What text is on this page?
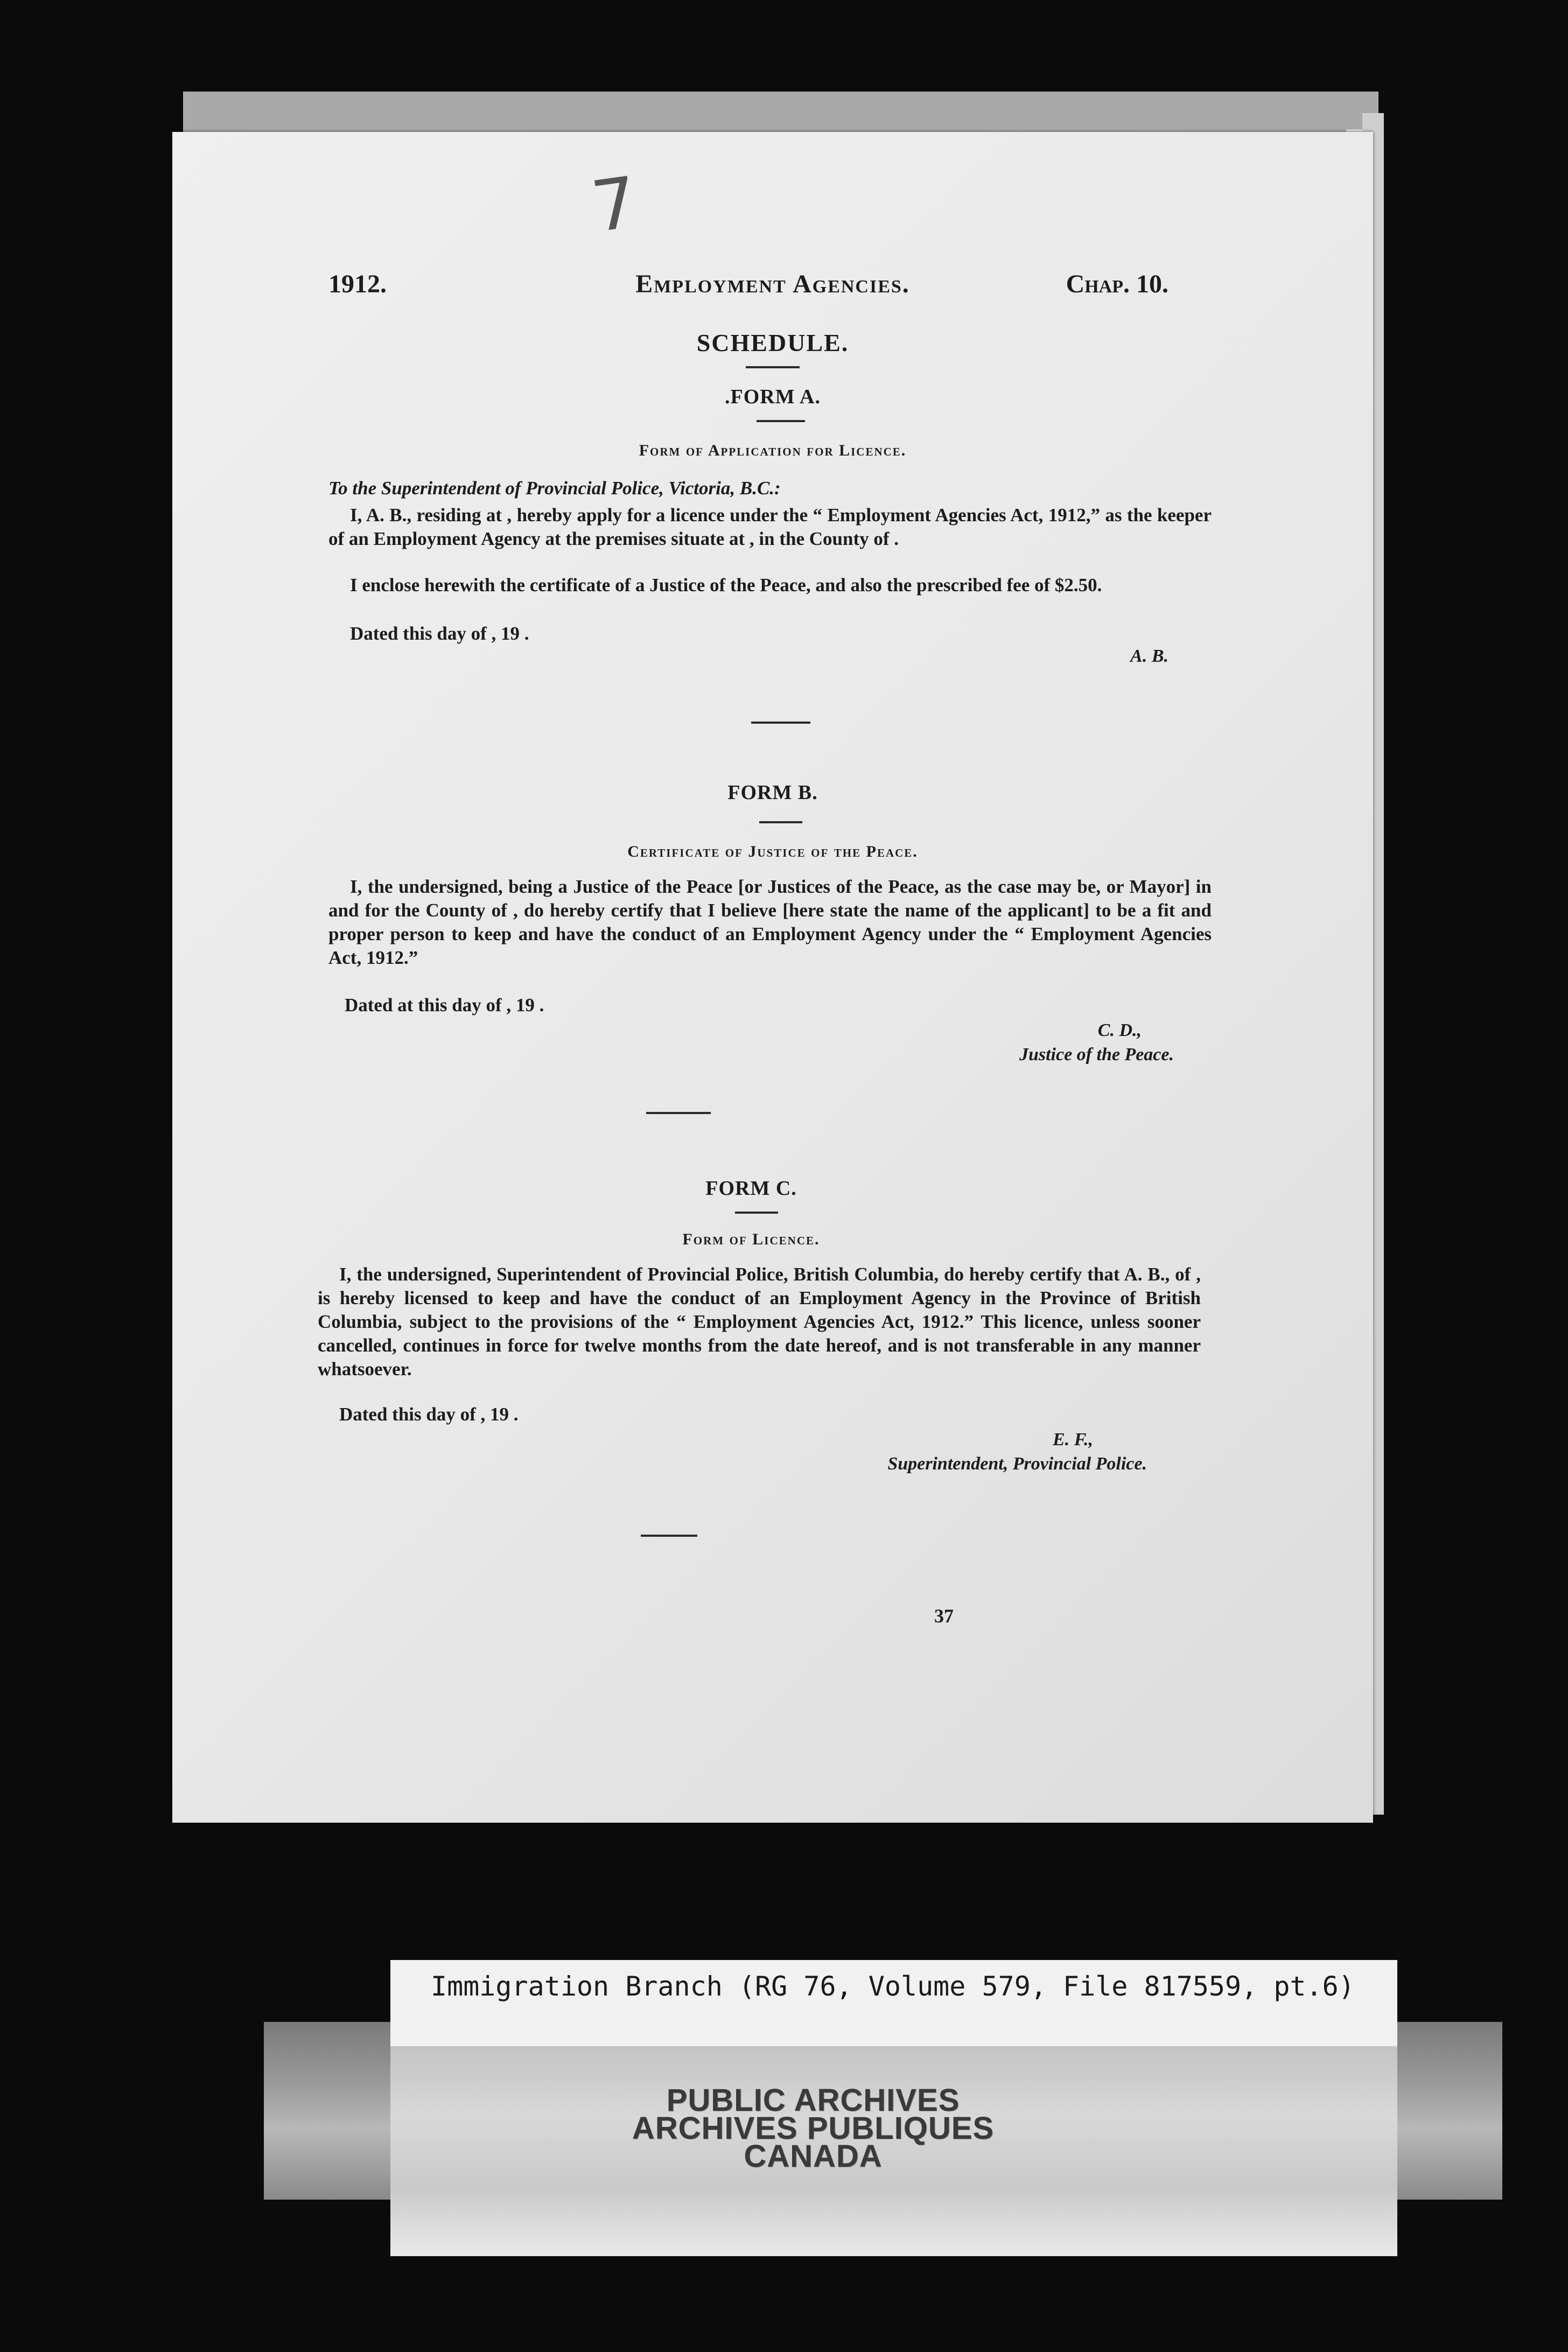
7
1912.	Employment Agencies.	Chap. 10.
SCHEDULE.
.FORM A.
Form of Application for Licence.
To the Superintendent of Provincial Police, Victoria, B.C.:
I, A. B., residing at , hereby apply for a licence under the “ Employment Agencies Act, 1912,” as the keeper of an Employment Agency at the premises situate at , in the County of .
I enclose herewith the certificate of a Justice of the Peace, and also the prescribed fee of $2.50.
Dated this day of , 19 .
A. B.
FORM B.
Certificate of Justice of the Peace.
I, the undersigned, being a Justice of the Peace [or Justices of the Peace, as the case may be, or Mayor] in and for the County of , do hereby certify that I believe [here state the name of the applicant] to be a fit and proper person to keep and have the conduct of an Employment Agency under the “ Employment Agencies Act, 1912.”
Dated at this day of , 19 .
C. D.,
Justice of the Peace.
FORM C.
Form of Licence.
I, the undersigned, Superintendent of Provincial Police, British Columbia, do hereby certify that A. B., of , is hereby licensed to keep and have the conduct of an Employment Agency in the Province of British Columbia, subject to the provisions of the “ Employment Agencies Act, 1912.” This licence, unless sooner cancelled, continues in force for twelve months from the date hereof, and is not transferable in any manner whatsoever.
Dated this day of , 19 .
E. F.,
Superintendent, Provincial Police.
37
Immigration Branch (RG 76, Volume 579, File 817559, pt.6)
PUBLIC ARCHIVES
ARCHIVES PUBLIQUES
CANADA
